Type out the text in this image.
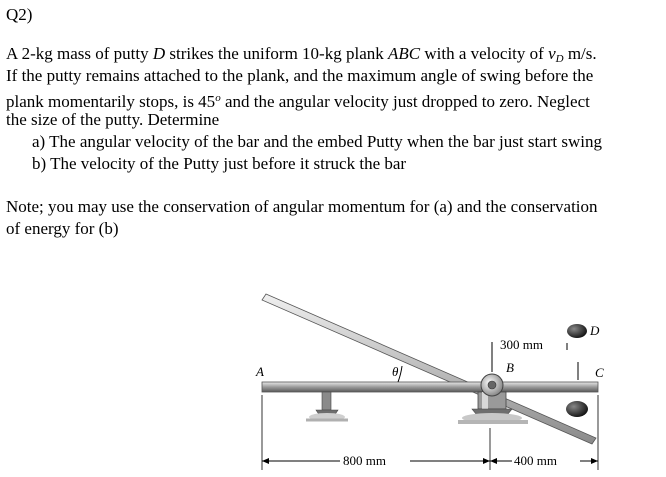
Q2)
A 2-kg mass of putty D strikes the uniform 10-kg plank ABC with a velocity of $v_D$ m/s.
If the putty remains attached to the plank, and the maximum angle of swing before the
plank momentarily stops, is 45$^o$ and the angular velocity just dropped to zero. Neglect
the size of the putty. Determine
a) The angular velocity of the bar and the embed Putty when the bar just start swing
b) The velocity of the Putty just before it struck the bar
Note; you may use the conservation of angular momentum for (a) and the conservation
of energy for (b)
θ
D
A	B	C
300 mm
800 mm	400 mm
